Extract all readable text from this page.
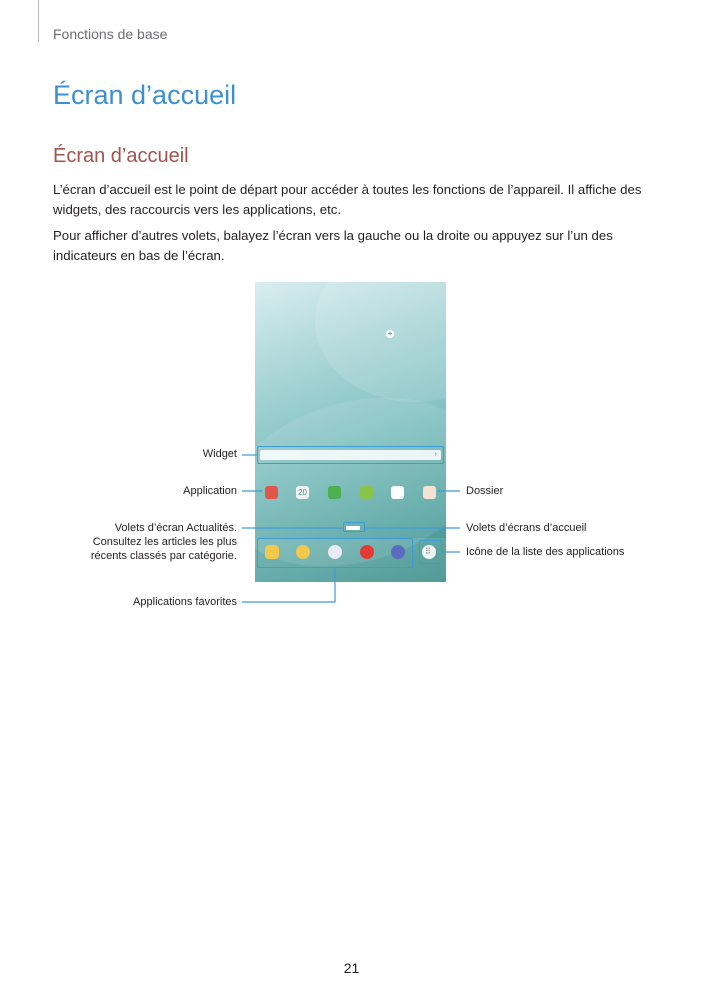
Fonctions de base
Écran d’accueil
Écran d’accueil
L’écran d’accueil est le point de départ pour accéder à toutes les fonctions de l’appareil. Il affiche des widgets, des raccourcis vers les applications, etc.
Pour afficher d’autres volets, balayez l’écran vers la gauche ou la droite ou appuyez sur l’un des indicateurs en bas de l’écran.
+
›
20
⠿
Widget
Application
Volets d’écran Actualités.
Consultez les articles les plus
récents classés par catégorie.
Applications favorites
Dossier
Volets d’écrans d’accueil
Icône de la liste des applications
21
